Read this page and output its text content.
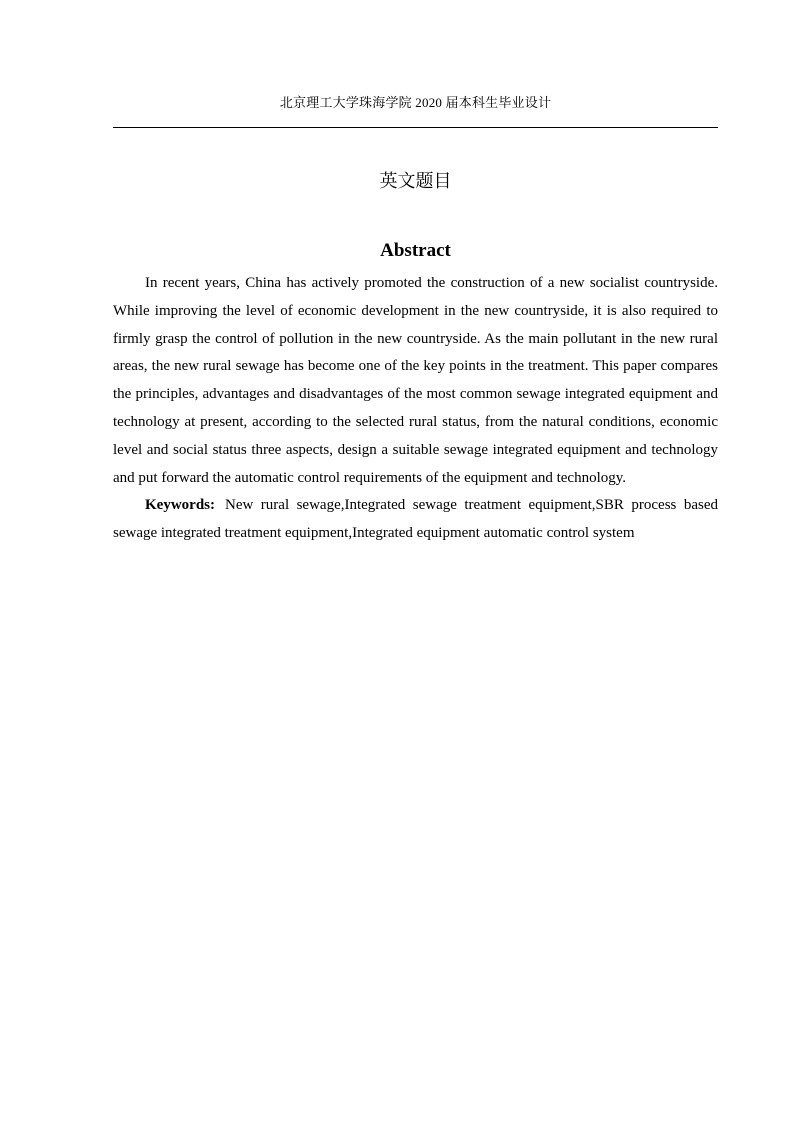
北京理工大学珠海学院 2020 届本科生毕业设计
英文题目
Abstract

In recent years, China has actively promoted the construction of a new socialist countryside. While improving the level of economic development in the new countryside, it is also required to firmly grasp the control of pollution in the new countryside. As the main pollutant in the new rural areas, the new rural sewage has become one of the key points in the treatment. This paper compares the principles, advantages and disadvantages of the most common sewage integrated equipment and technology at present, according to the selected rural status, from the natural conditions, economic level and social status three aspects, design a suitable sewage integrated equipment and technology and put forward the automatic control requirements of the equipment and technology.

Keywords: New rural sewage,Integrated sewage treatment equipment,SBR process based sewage integrated treatment equipment,Integrated equipment automatic control system
